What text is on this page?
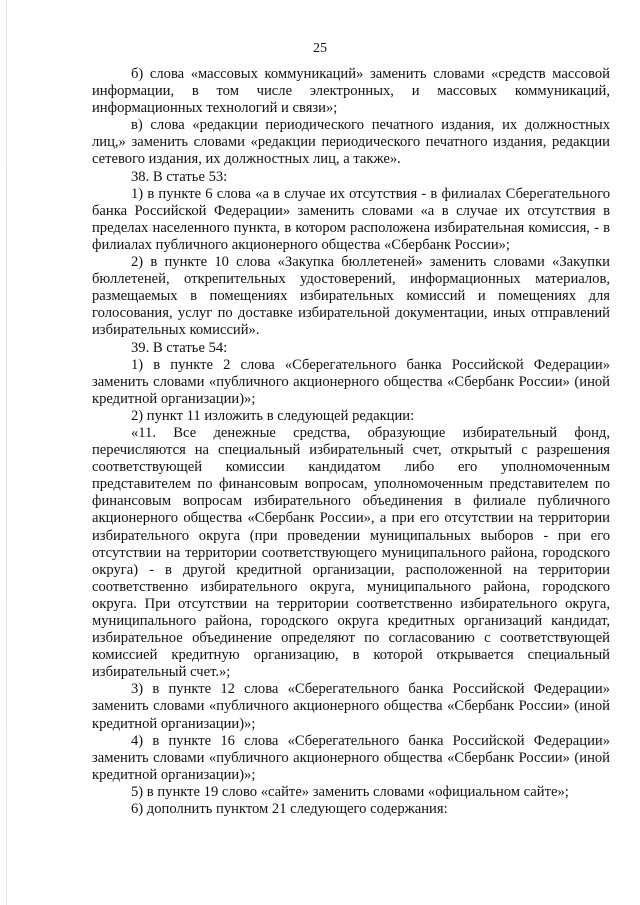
25

б) слова «массовых коммуникаций» заменить словами «средств массовой информации, в том числе электронных, и массовых коммуникаций, информационных технологий и связи»;

в) слова «редакции периодического печатного издания, их должностных лиц,» заменить словами «редакции периодического печатного издания, редакции сетевого издания, их должностных лиц, а также».

38. В статье 53:

1) в пункте 6 слова «а в случае их отсутствия - в филиалах Сберегательного банка Российской Федерации» заменить словами «а в случае их отсутствия в пределах населенного пункта, в котором расположена избирательная комиссия, - в филиалах публичного акционерного общества «Сбербанк России»;

2) в пункте 10 слова «Закупка бюллетеней» заменить словами «Закупки бюллетеней, открепительных удостоверений, информационных материалов, размещаемых в помещениях избирательных комиссий и помещениях для голосования, услуг по доставке избирательной документации, иных отправлений избирательных комиссий».

39. В статье 54:

1) в пункте 2 слова «Сберегательного банка Российской Федерации» заменить словами «публичного акционерного общества «Сбербанк России» (иной кредитной организации)»;

2) пункт 11 изложить в следующей редакции:

«11. Все денежные средства, образующие избирательный фонд, перечисляются на специальный избирательный счет, открытый с разрешения соответствующей комиссии кандидатом либо его уполномоченным представителем по финансовым вопросам, уполномоченным представителем по финансовым вопросам избирательного объединения в филиале публичного акционерного общества «Сбербанк России», а при его отсутствии на территории избирательного округа (при проведении муниципальных выборов - при его отсутствии на территории соответствующего муниципального района, городского округа) - в другой кредитной организации, расположенной на территории соответственно избирательного округа, муниципального района, городского округа. При отсутствии на территории соответственно избирательного округа, муниципального района, городского округа кредитных организаций кандидат, избирательное объединение определяют по согласованию с соответствующей комиссией кредитную организацию, в которой открывается специальный избирательный счет.»;

3) в пункте 12 слова «Сберегательного банка Российской Федерации» заменить словами «публичного акционерного общества «Сбербанк России» (иной кредитной организации)»;

4) в пункте 16 слова «Сберегательного банка Российской Федерации» заменить словами «публичного акционерного общества «Сбербанк России» (иной кредитной организации)»;

5) в пункте 19 слово «сайте» заменить словами «официальном сайте»;

6) дополнить пунктом 21 следующего содержания:
